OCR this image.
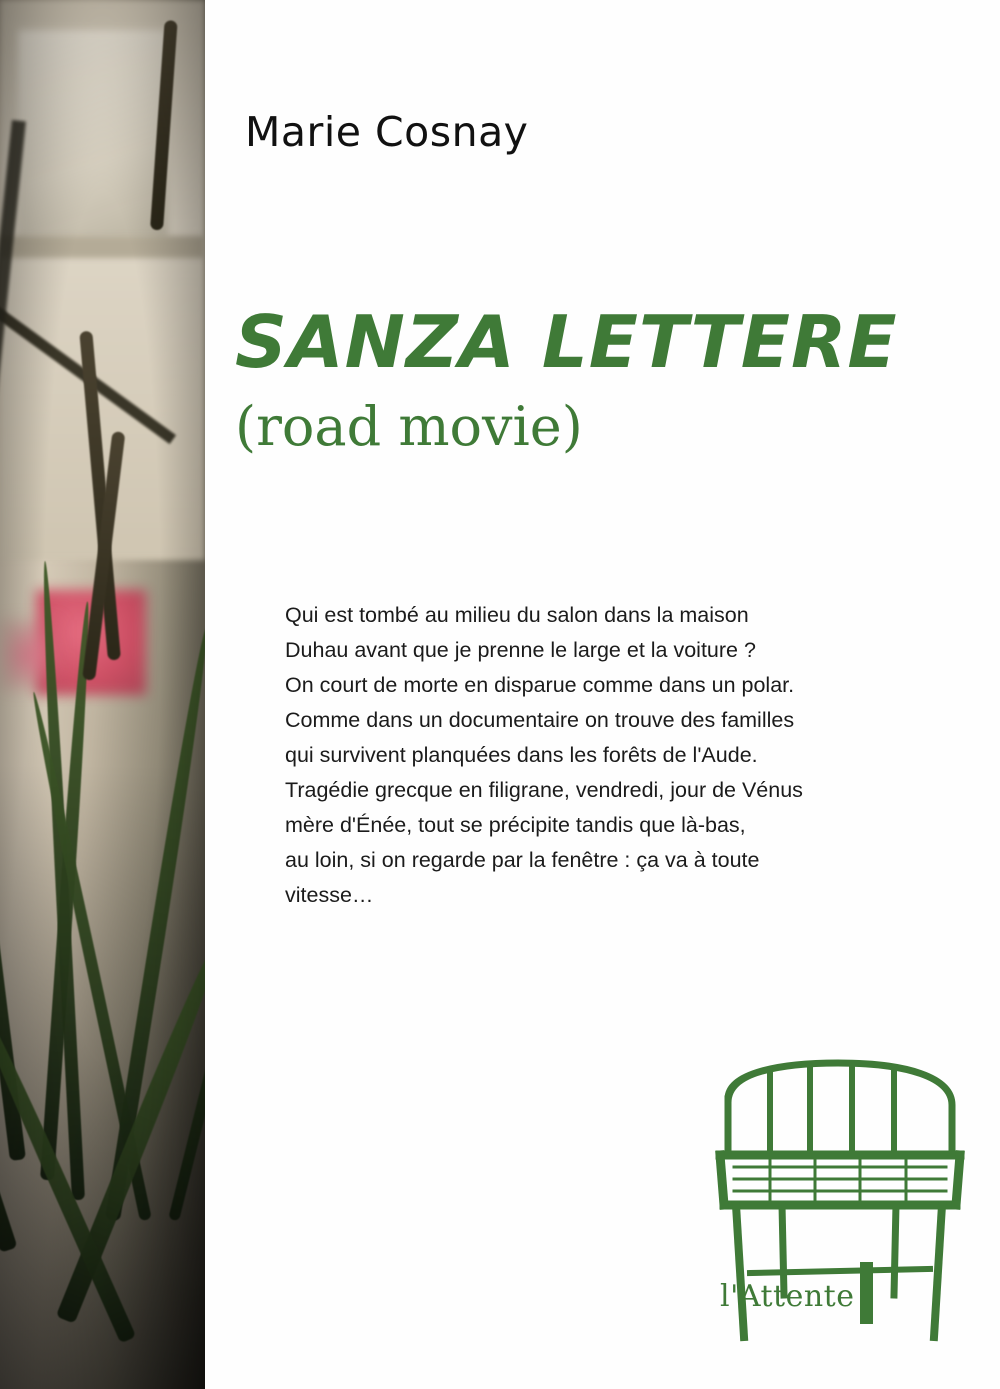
Marie Cosnay
SANZA LETTERE
(road movie)
Qui est tombé au milieu du salon dans la maison
Duhau avant que je prenne le large et la voiture ?
On court de morte en disparue comme dans un polar.
Comme dans un documentaire on trouve des familles
qui survivent planquées dans les forêts de l'Aude.
Tragédie grecque en filigrane, vendredi, jour de Vénus
mère d'Énée, tout se précipite tandis que là-bas,
au loin, si on regarde par la fenêtre : ça va à toute
vitesse…
l'Attente
